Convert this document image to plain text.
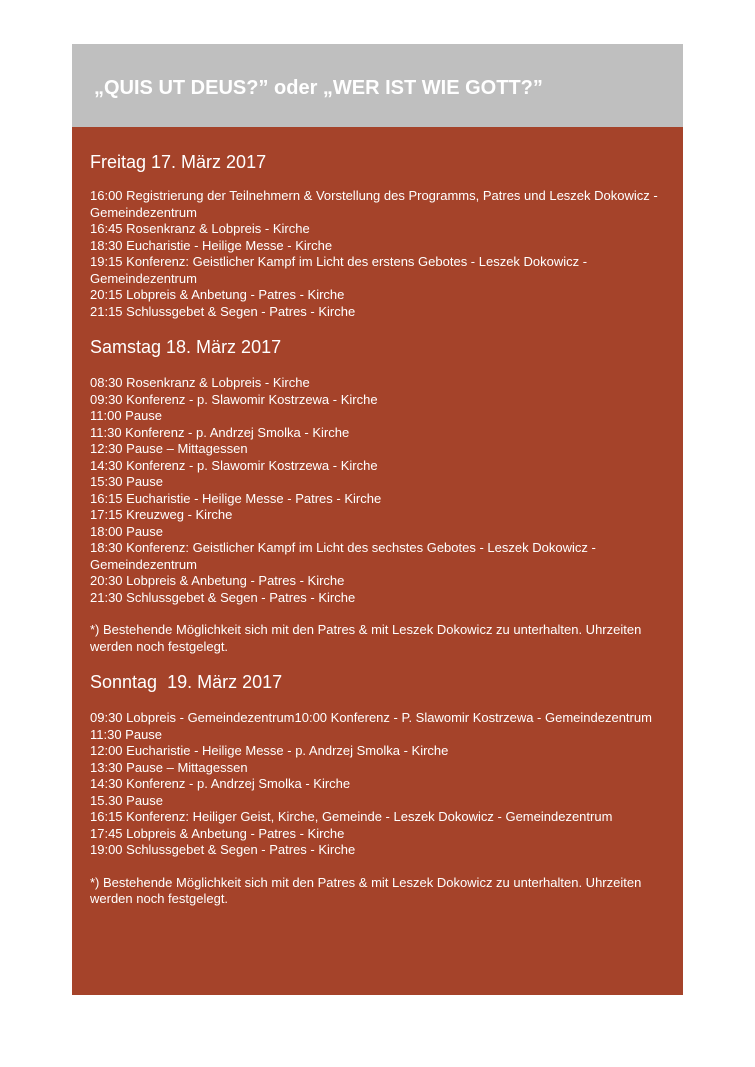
„QUIS UT DEUS?” oder „WER IST WIE GOTT?”
Freitag 17. März 2017
16:00 Registrierung der Teilnehmern & Vorstellung des Programms, Patres und Leszek Dokowicz - Gemeindezentrum
16:45 Rosenkranz & Lobpreis - Kirche
18:30 Eucharistie - Heilige Messe - Kirche
19:15 Konferenz: Geistlicher Kampf im Licht des erstens Gebotes - Leszek Dokowicz - Gemeindezentrum
20:15 Lobpreis & Anbetung - Patres - Kirche
21:15 Schlussgebet & Segen - Patres - Kirche
Samstag 18. März 2017
08:30 Rosenkranz & Lobpreis - Kirche
09:30 Konferenz - p. Slawomir Kostrzewa - Kirche
11:00 Pause
11:30 Konferenz - p. Andrzej Smolka - Kirche
12:30 Pause – Mittagessen
14:30 Konferenz - p. Slawomir Kostrzewa - Kirche
15:30 Pause
16:15 Eucharistie - Heilige Messe - Patres - Kirche
17:15 Kreuzweg - Kirche
18:00 Pause
18:30 Konferenz: Geistlicher Kampf im Licht des sechstes Gebotes - Leszek Dokowicz - Gemeindezentrum
20:30 Lobpreis & Anbetung - Patres - Kirche
21:30 Schlussgebet & Segen - Patres - Kirche

*) Bestehende Möglichkeit sich mit den Patres & mit Leszek Dokowicz zu unterhalten. Uhrzeiten werden noch festgelegt.

Sonntag  19. März 2017
09:30 Lobpreis - Gemeindezentrum10:00 Konferenz - P. Slawomir Kostrzewa - Gemeindezentrum
11:30 Pause
12:00 Eucharistie - Heilige Messe - p. Andrzej Smolka - Kirche
13:30 Pause – Mittagessen
14:30 Konferenz - p. Andrzej Smolka - Kirche
15.30 Pause
16:15 Konferenz: Heiliger Geist, Kirche, Gemeinde - Leszek Dokowicz - Gemeindezentrum
17:45 Lobpreis & Anbetung - Patres - Kirche
19:00 Schlussgebet & Segen - Patres - Kirche

*) Bestehende Möglichkeit sich mit den Patres & mit Leszek Dokowicz zu unterhalten. Uhrzeiten werden noch festgelegt.
